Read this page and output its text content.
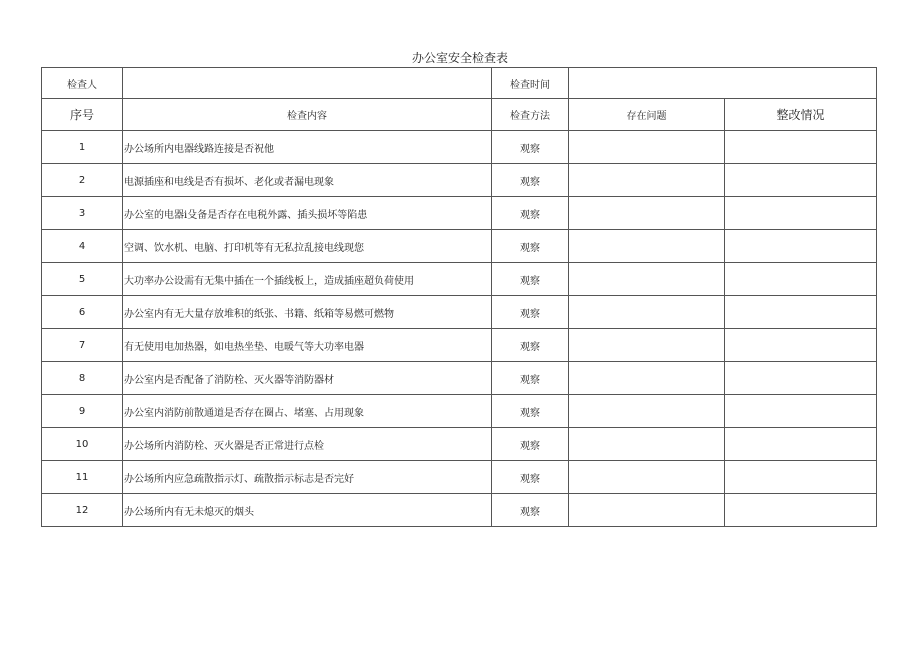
办公室安全检查表
检查人		检查时间		
序号	检查内容	检查方法	存在问题	整改情况
1	办公场所内电器线路连接是否祝他	观察		
2	电源插座和电线是否有损坏、老化或者漏电现象	观察		
3	办公室的电器i殳备是否存在电税外露、插头损坏等陷患	观察		
4	空调、饮水机、电脑、打印机等有无私拉乱接电线现您	观察		
5	大功率办公设需有无集中插在一个插线板上，造成插座超负荷使用	观察		
6	办公室内有无大量存放堆积的纸张、书籍、纸箱等易燃可燃物	观察		
7	有无使用电加热器，如电热坐垫、电暖气等大功率电器	观察		
8	办公室内是否配备了消防栓、灭火器等消防器材	观察		
9	办公室内消防前散通道是否存在圈占、堵塞、占用现象	观察		
10	办公场所内消防栓、灭火器是否正常进行点检	观察		
11	办公场所内应急疏散指示灯、疏散指示标志是否完好	观察		
12	办公场所内有无未熄灭的烟头	观察		
